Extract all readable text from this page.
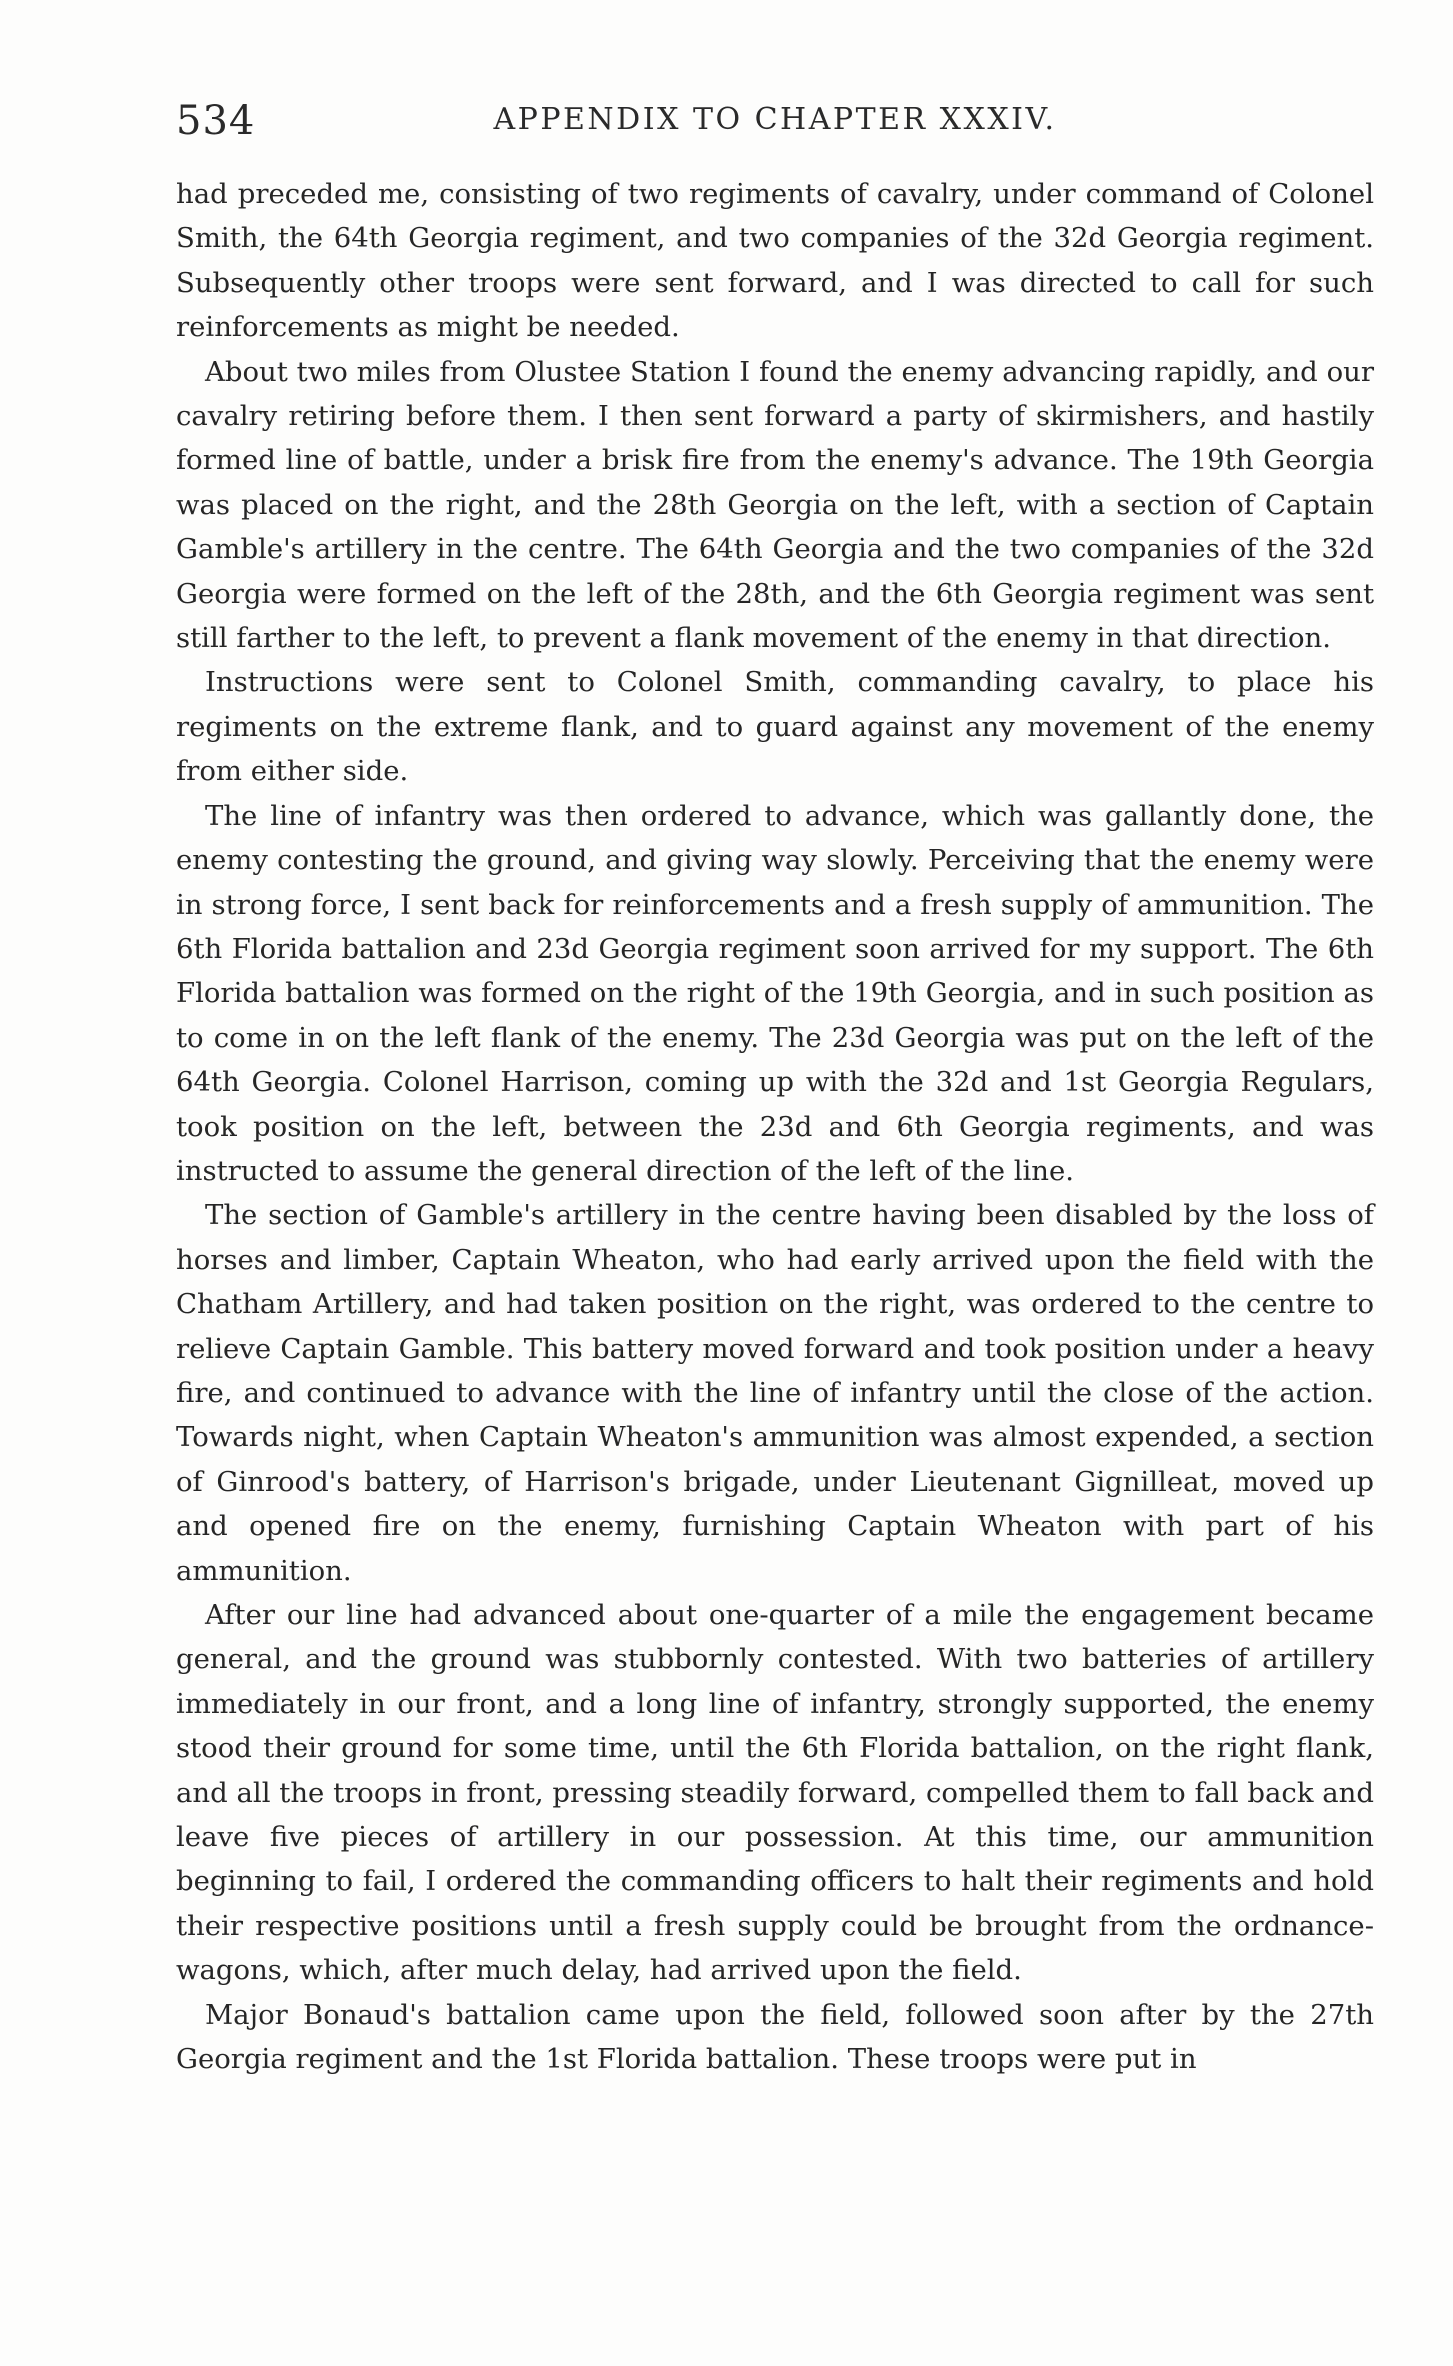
534	APPENDIX TO CHAPTER XXXIV.

had preceded me, consisting of two regiments of cavalry, under command of Colonel Smith, the 64th Georgia regiment, and two companies of the 32d Georgia regiment. Subsequently other troops were sent forward, and I was directed to call for such reinforcements as might be needed.

About two miles from Olustee Station I found the enemy advancing rapidly, and our cavalry retiring before them. I then sent forward a party of skirmishers, and hastily formed line of battle, under a brisk fire from the enemy's advance. The 19th Georgia was placed on the right, and the 28th Georgia on the left, with a section of Captain Gamble's artillery in the centre. The 64th Georgia and the two companies of the 32d Georgia were formed on the left of the 28th, and the 6th Georgia regiment was sent still farther to the left, to prevent a flank movement of the enemy in that direction.

Instructions were sent to Colonel Smith, commanding cavalry, to place his regiments on the extreme flank, and to guard against any movement of the enemy from either side.

The line of infantry was then ordered to advance, which was gallantly done, the enemy contesting the ground, and giving way slowly. Perceiving that the enemy were in strong force, I sent back for reinforcements and a fresh supply of ammunition. The 6th Florida battalion and 23d Georgia regiment soon arrived for my support. The 6th Florida battalion was formed on the right of the 19th Georgia, and in such position as to come in on the left flank of the enemy. The 23d Georgia was put on the left of the 64th Georgia. Colonel Harrison, coming up with the 32d and 1st Georgia Regulars, took position on the left, between the 23d and 6th Georgia regiments, and was instructed to assume the general direction of the left of the line.

The section of Gamble's artillery in the centre having been disabled by the loss of horses and limber, Captain Wheaton, who had early arrived upon the field with the Chatham Artillery, and had taken position on the right, was ordered to the centre to relieve Captain Gamble. This battery moved forward and took position under a heavy fire, and continued to advance with the line of infantry until the close of the action. Towards night, when Captain Wheaton's ammunition was almost expended, a section of Ginrood's battery, of Harrison's brigade, under Lieutenant Gignilleat, moved up and opened fire on the enemy, furnishing Captain Wheaton with part of his ammunition.

After our line had advanced about one-quarter of a mile the engagement became general, and the ground was stubbornly contested. With two batteries of artillery immediately in our front, and a long line of infantry, strongly supported, the enemy stood their ground for some time, until the 6th Florida battalion, on the right flank, and all the troops in front, pressing steadily forward, compelled them to fall back and leave five pieces of artillery in our possession. At this time, our ammunition beginning to fail, I ordered the commanding officers to halt their regiments and hold their respective positions until a fresh supply could be brought from the ordnance-wagons, which, after much delay, had arrived upon the field.

Major Bonaud's battalion came upon the field, followed soon after by the 27th Georgia regiment and the 1st Florida battalion. These troops were put in
